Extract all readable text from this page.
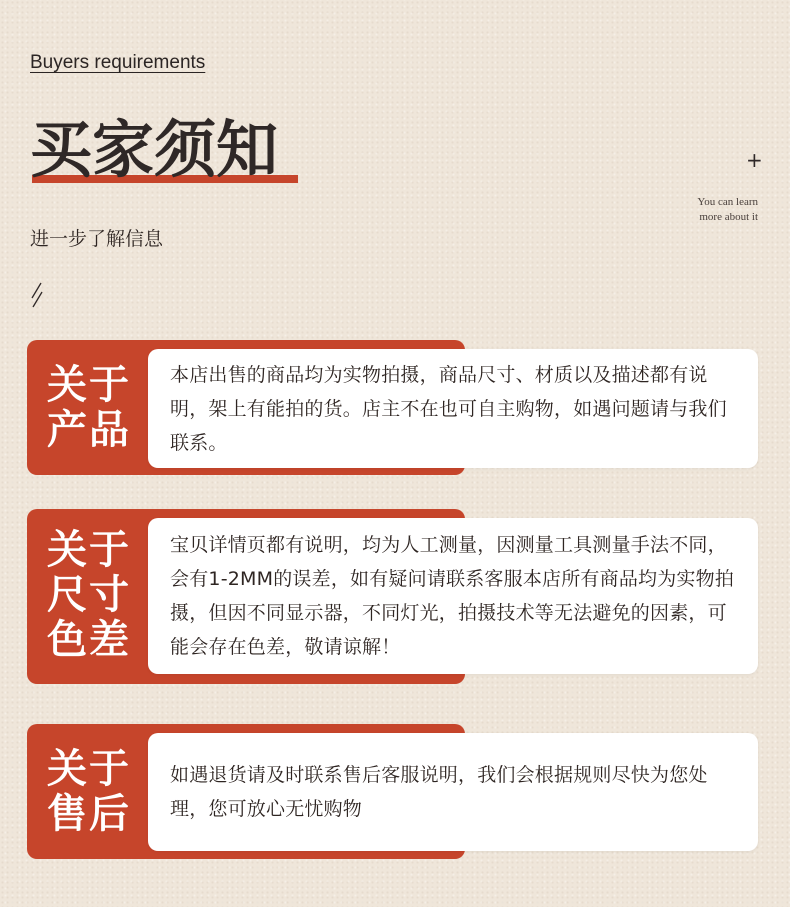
Buyers requirements
买家须知	+
You can learn
more about it
进一步了解信息
关于
产品
本店出售的商品均为实物拍摄，商品尺寸、材质以及描述都有说明，架上有能拍的货。店主不在也可自主购物，如遇问题请与我们联系。
关于
尺寸
色差
宝贝详情页都有说明，均为人工测量，因测量工具测量手法不同，会有1-2MM的误差，如有疑问请联系客服本店所有商品均为实物拍摄，但因不同显示器，不同灯光，拍摄技术等无法避免的因素，可能会存在色差，敬请谅解！
关于
售后
如遇退货请及时联系售后客服说明，我们会根据规则尽快为您处理，您可放心无忧购物
